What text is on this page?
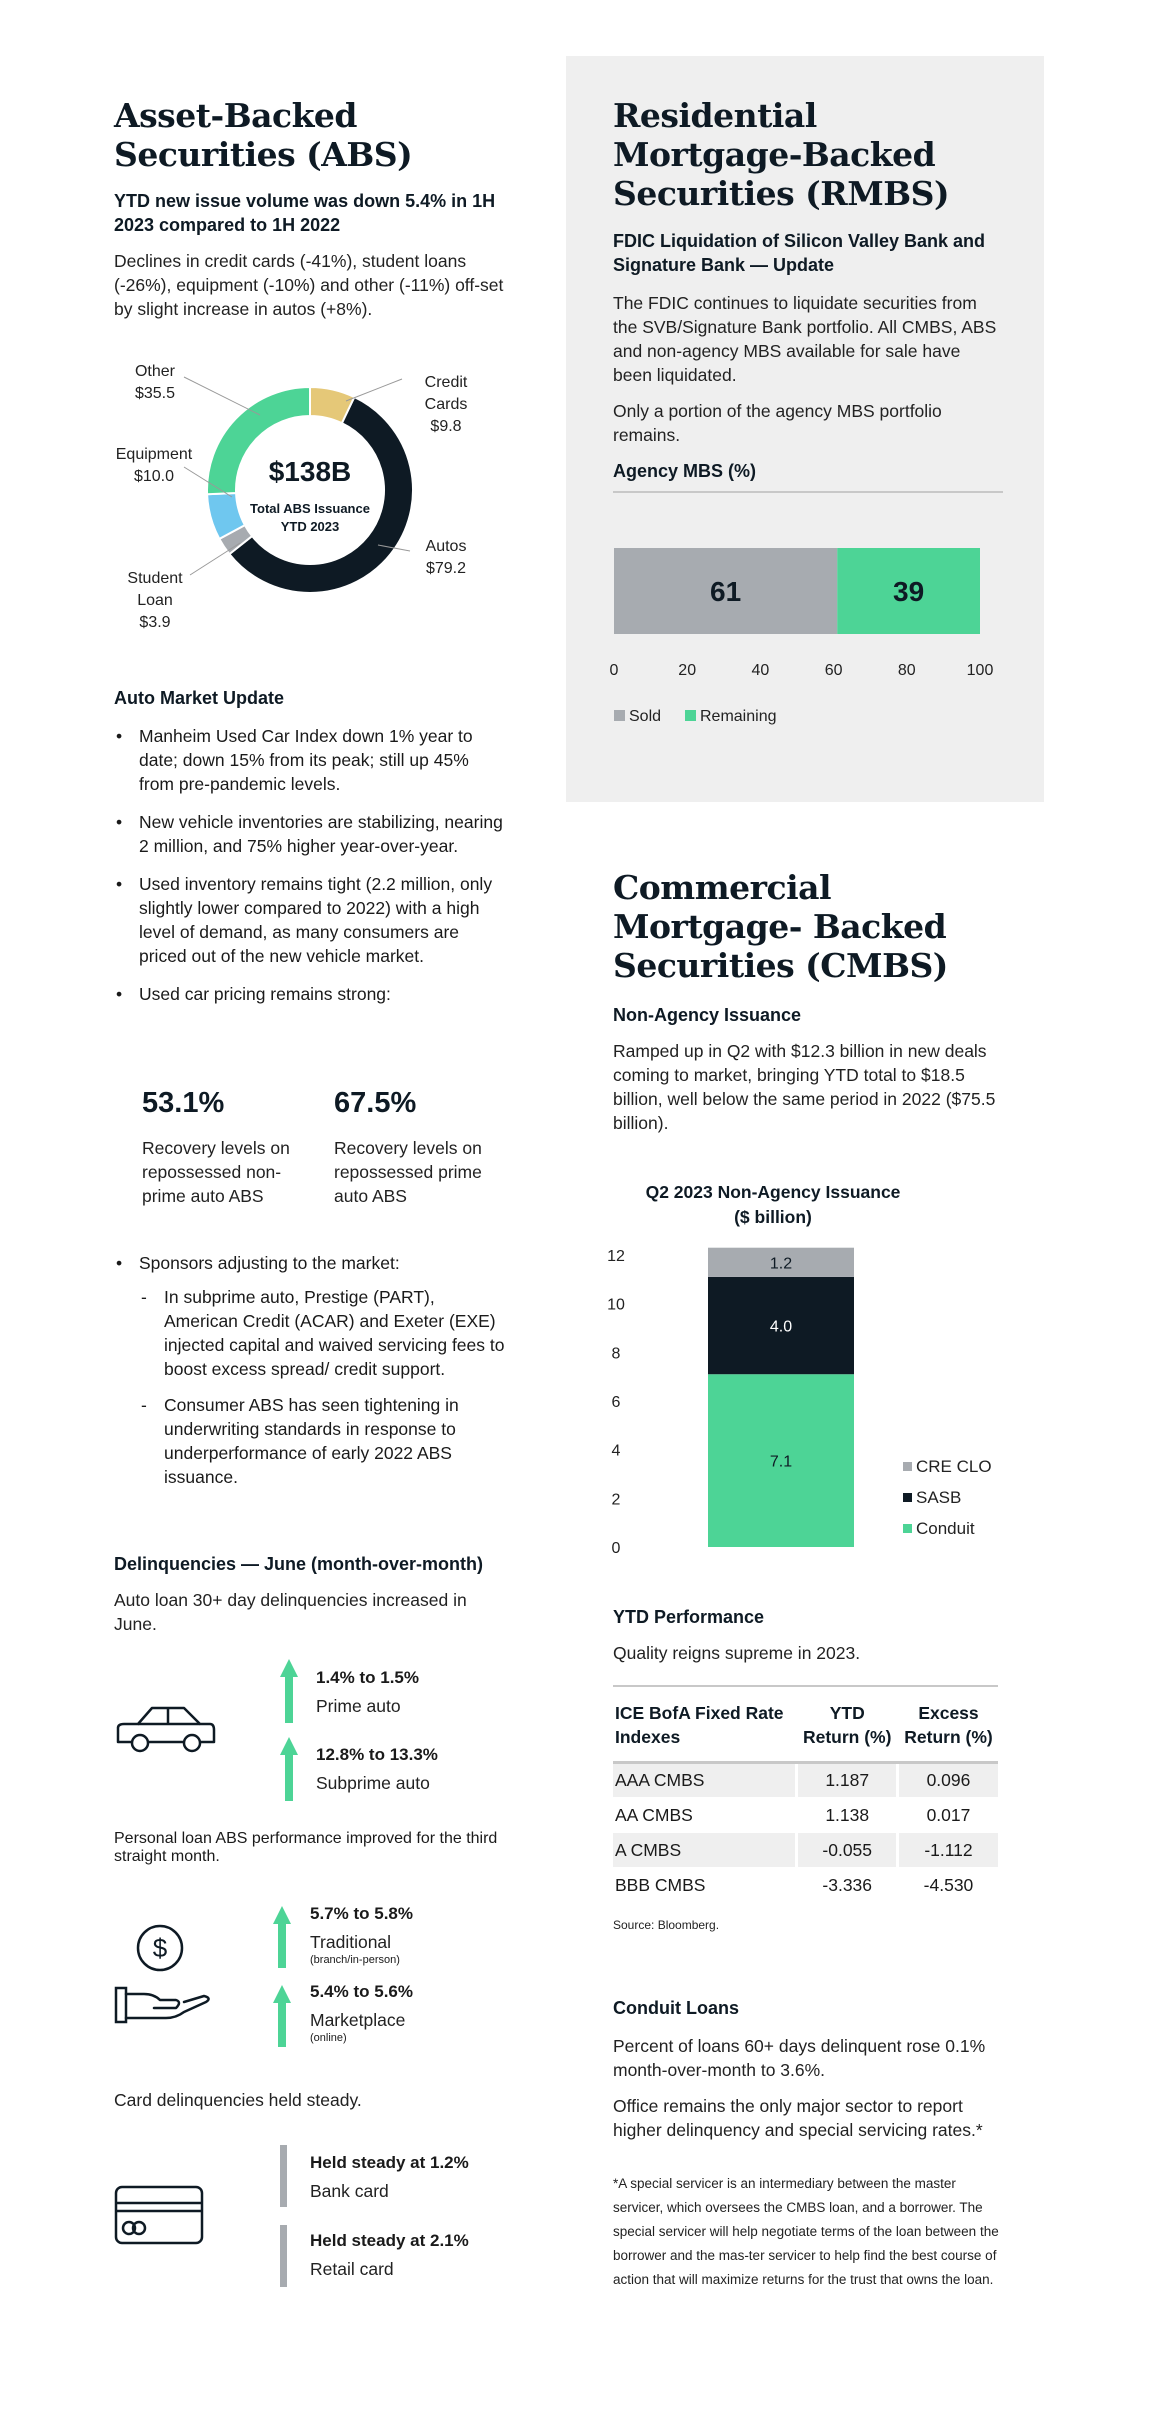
Asset-Backed Securities (ABS)
YTD new issue volume was down 5.4% in 1H 2023 compared to 1H 2022
Declines in credit cards (-41%), student loans (-26%), equipment (-10%) and other (-11%) off-set by slight increase in autos (+8%).
$138B
Total ABS Issuance
YTD 2023
Other $35.5
Credit Cards $9.8
Equipment $10.0
Autos $79.2
Student Loan $3.9
Auto Market Update
• Manheim Used Car Index down 1% year to date; down 15% from its peak; still up 45% from pre-pandemic levels.
• New vehicle inventories are stabilizing, nearing 2 million, and 75% higher year-over-year.
• Used inventory remains tight (2.2 million, only slightly lower compared to 2022) with a high level of demand, as many consumers are priced out of the new vehicle market.
• Used car pricing remains strong:
53.1%
Recovery levels on repossessed non-prime auto ABS
67.5%
Recovery levels on repossessed prime auto ABS
• Sponsors adjusting to the market:
- In subprime auto, Prestige (PART), American Credit (ACAR) and Exeter (EXE) injected capital and waived servicing fees to boost excess spread/ credit support.
- Consumer ABS has seen tightening in underwriting standards in response to underperformance of early 2022 ABS issuance.
Delinquencies — June (month-over-month)
Auto loan 30+ day delinquencies increased in June.
1.4% to 1.5%
Prime auto
12.8% to 13.3%
Subprime auto
Personal loan ABS performance improved for the third straight month.
$
5.7% to 5.8%
Traditional
(branch/in-person)
5.4% to 5.6%
Marketplace
(online)
Card delinquencies held steady.
Held steady at 1.2%
Bank card
Held steady at 2.1%
Retail card
Residential Mortgage-Backed Securities (RMBS)
FDIC Liquidation of Silicon Valley Bank and Signature Bank — Update
The FDIC continues to liquidate securities from the SVB/Signature Bank portfolio. All CMBS, ABS and non-agency MBS available for sale have been liquidated.
Only a portion of the agency MBS portfolio remains.
Agency MBS (%)
61	39
0	20	40	60	80	100
Sold Remaining
Commercial Mortgage- Backed Securities (CMBS)
Non-Agency Issuance
Ramped up in Q2 with $12.3 billion in new deals coming to market, bringing YTD total to $18.5 billion, well below the same period in 2022 ($75.5 billion).
Q2 2023 Non-Agency Issuance
($ billion)
0
2
4
6
8
10
12
7.1
4.0
1.2
CRE CLO
SASB
Conduit
YTD Performance
Quality reigns supreme in 2023.
ICE BofA Fixed Rate Indexes	YTD Return (%)	Excess Return (%)
AAA CMBS	1.187	0.096
AA CMBS	1.138	0.017
A CMBS	-0.055	-1.112
BBB CMBS	-3.336	-4.530
Source: Bloomberg.
Conduit Loans
Percent of loans 60+ days delinquent rose 0.1% month-over-month to 3.6%.
Office remains the only major sector to report higher delinquency and special servicing rates.*
*A special servicer is an intermediary between the master servicer, which oversees the CMBS loan, and a borrower. The special servicer will help negotiate terms of the loan between the borrower and the mas-ter servicer to help find the best course of action that will maximize returns for the trust that owns the loan.
